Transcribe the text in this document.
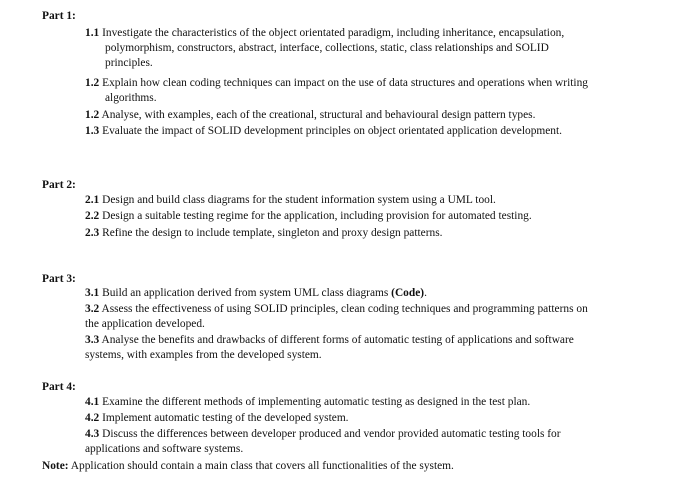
Part 1:

1.1 Investigate the characteristics of the object orientated paradigm, including inheritance, encapsulation, polymorphism, constructors, abstract, interface, collections, static, class relationships and SOLID principles.
1.2 Explain how clean coding techniques can impact on the use of data structures and operations when writing algorithms.
1.2 Analyse, with examples, each of the creational, structural and behavioural design pattern types.
1.3 Evaluate the impact of SOLID development principles on object orientated application development.

Part 2:

2.1 Design and build class diagrams for the student information system using a UML tool.
2.2 Design a suitable testing regime for the application, including provision for automated testing.
2.3 Refine the design to include template, singleton and proxy design patterns.

Part 3:

3.1 Build an application derived from system UML class diagrams (Code).
3.2 Assess the effectiveness of using SOLID principles, clean coding techniques and programming patterns on the application developed.
3.3 Analyse the benefits and drawbacks of different forms of automatic testing of applications and software systems, with examples from the developed system.

Part 4:

4.1 Examine the different methods of implementing automatic testing as designed in the test plan.
4.2 Implement automatic testing of the developed system.
4.3 Discuss the differences between developer produced and vendor provided automatic testing tools for applications and software systems.

Note: Application should contain a main class that covers all functionalities of the system.
